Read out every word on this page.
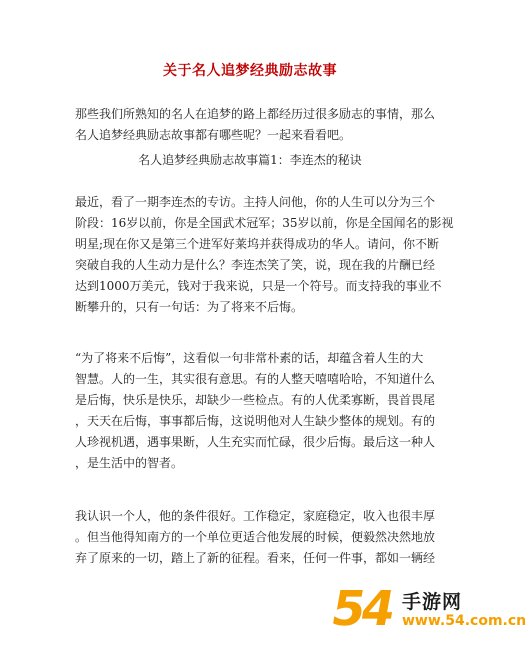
关于名人追梦经典励志故事
那些我们所熟知的名人在追梦的路上都经历过很多励志的事情，那么
名人追梦经典励志故事都有哪些呢？一起来看看吧。
名人追梦经典励志故事篇1：李连杰的秘诀
最近，看了一期李连杰的专访。主持人问他，你的人生可以分为三个
阶段：16岁以前，你是全国武术冠军；35岁以前，你是全国闻名的影视
明星;现在你又是第三个进军好莱坞并获得成功的华人。请问，你不断
突破自我的人生动力是什么？李连杰笑了笑，说，现在我的片酬已经
达到1000万美元，钱对于我来说，只是一个符号。而支持我的事业不
断攀升的，只有一句话：为了将来不后悔。
“为了将来不后悔”，这看似一句非常朴素的话，却蕴含着人生的大
智慧。人的一生，其实很有意思。有的人整天嘻嘻哈哈，不知道什么
是后悔，快乐是快乐，却缺少一些检点。有的人优柔寡断，畏首畏尾
，天天在后悔，事事都后悔，这说明他对人生缺少整体的规划。有的
人珍视机遇，遇事果断，人生充实而忙碌，很少后悔。最后这一种人
，是生活中的智者。
我认识一个人，他的条件很好。工作稳定，家庭稳定，收入也很丰厚
。但当他得知南方的一个单位更适合他发展的时候，便毅然决然地放
弃了原来的一切，踏上了新的征程。看来，任何一件事，都如一辆经
54 手游网
www.54.com.cn
